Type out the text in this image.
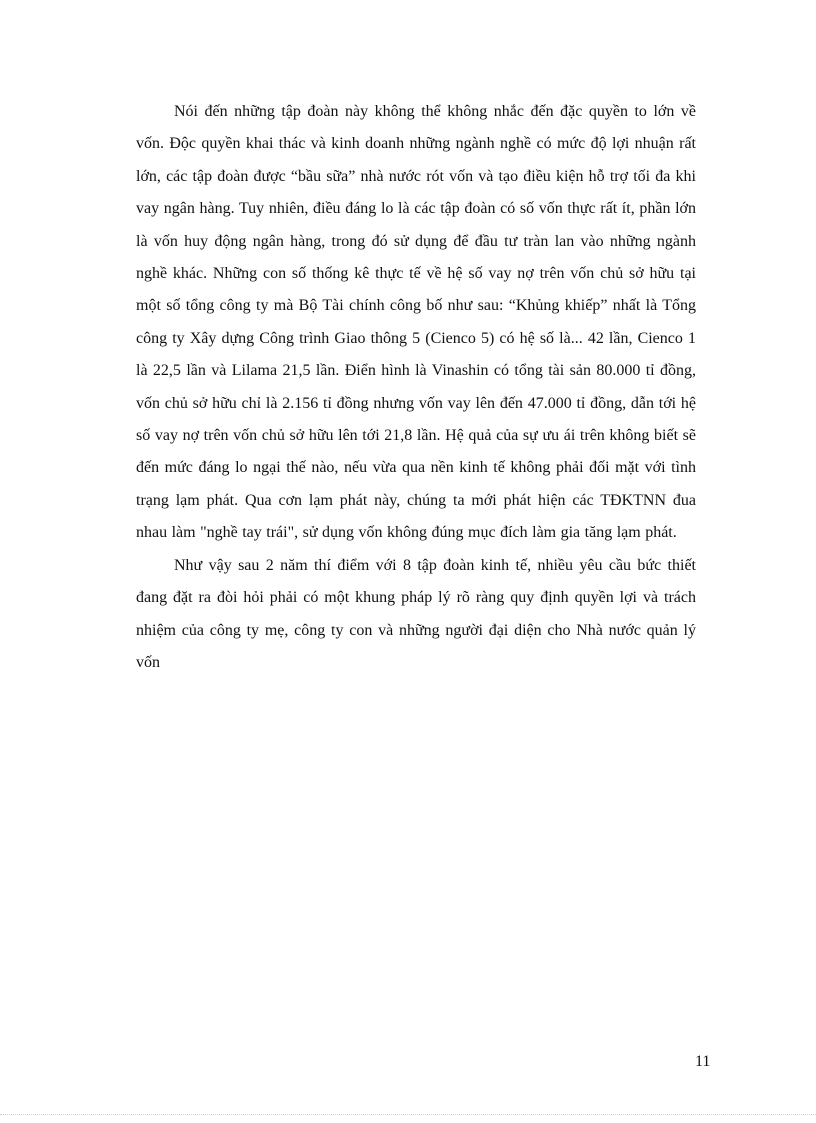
Nói đến những tập đoàn này không thể không nhắc đến đặc quyền to lớn về vốn. Độc quyền khai thác và kinh doanh những ngành nghề có mức độ lợi nhuận rất lớn, các tập đoàn được “bầu sữa” nhà nước rót vốn và tạo điều kiện hỗ trợ tối đa khi vay ngân hàng. Tuy nhiên, điều đáng lo là các tập đoàn có số vốn thực rất ít, phần lớn là vốn huy động ngân hàng, trong đó sử dụng để đầu tư tràn lan vào những ngành nghề khác. Những con số thống kê thực tế về hệ số vay nợ trên vốn chủ sở hữu tại một số tổng công ty mà Bộ Tài chính công bố như sau: “Khủng khiếp” nhất là Tổng công ty Xây dựng Công trình Giao thông 5 (Cienco 5) có hệ số là... 42 lần, Cienco 1 là 22,5 lần và Lilama 21,5 lần. Điển hình là Vinashin có tổng tài sản 80.000 tỉ đồng, vốn chủ sở hữu chỉ là 2.156 tỉ đồng nhưng vốn vay lên đến 47.000 tỉ đồng, dẫn tới hệ số vay nợ trên vốn chủ sở hữu lên tới 21,8 lần. Hệ quả của sự ưu ái trên không biết sẽ đến mức đáng lo ngại thế nào, nếu vừa qua nền kinh tế không phải đối mặt với tình trạng lạm phát. Qua cơn lạm phát này, chúng ta mới phát hiện các TĐKTNN đua nhau làm "nghề tay trái", sử dụng vốn không đúng mục đích làm gia tăng lạm phát.

Như vậy sau 2 năm thí điểm với 8 tập đoàn kinh tế, nhiều yêu cầu bức thiết đang đặt ra đòi hỏi phải có một khung pháp lý rõ ràng quy định quyền lợi và trách nhiệm của công ty mẹ, công ty con và những người đại diện cho Nhà nước quản lý vốn

11
